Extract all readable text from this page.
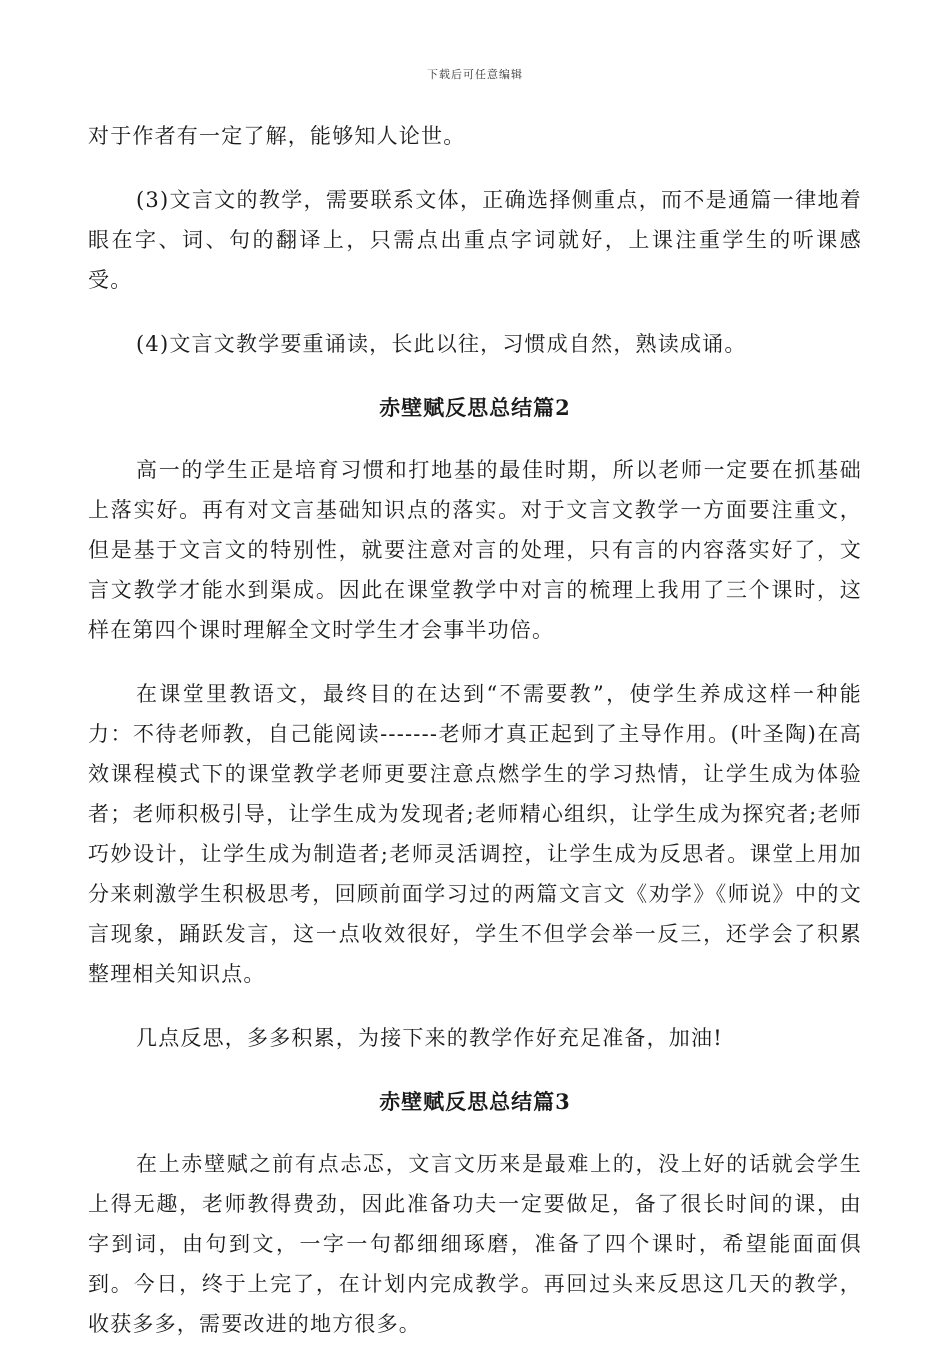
下载后可任意编辑

对于作者有一定了解，能够知人论世。

(3)文言文的教学，需要联系文体，正确选择侧重点，而不是通篇一律地着眼在字、词、句的翻译上，只需点出重点字词就好，上课注重学生的听课感受。

(4)文言文教学要重诵读，长此以往，习惯成自然，熟读成诵。

赤壁赋反思总结篇2

高一的学生正是培育习惯和打地基的最佳时期，所以老师一定要在抓基础上落实好。再有对文言基础知识点的落实。对于文言文教学一方面要注重文，但是基于文言文的特别性，就要注意对言的处理，只有言的内容落实好了，文言文教学才能水到渠成。因此在课堂教学中对言的梳理上我用了三个课时，这样在第四个课时理解全文时学生才会事半功倍。

在课堂里教语文，最终目的在达到“不需要教”，使学生养成这样一种能力：不待老师教，自己能阅读-------老师才真正起到了主导作用。(叶圣陶)在高效课程模式下的课堂教学老师更要注意点燃学生的学习热情，让学生成为体验者；老师积极引导，让学生成为发现者;老师精心组织，让学生成为探究者;老师巧妙设计，让学生成为制造者;老师灵活调控，让学生成为反思者。课堂上用加分来刺激学生积极思考，回顾前面学习过的两篇文言文《劝学》《师说》中的文言现象，踊跃发言，这一点收效很好，学生不但学会举一反三，还学会了积累整理相关知识点。

几点反思，多多积累，为接下来的教学作好充足准备，加油!

赤壁赋反思总结篇3

在上赤壁赋之前有点忐忑，文言文历来是最难上的，没上好的话就会学生上得无趣，老师教得费劲，因此准备功夫一定要做足，备了很长时间的课，由字到词，由句到文，一字一句都细细琢磨，准备了四个课时，希望能面面俱到。今日，终于上完了，在计划内完成教学。再回过头来反思这几天的教学，收获多多，需要改进的地方很多。
